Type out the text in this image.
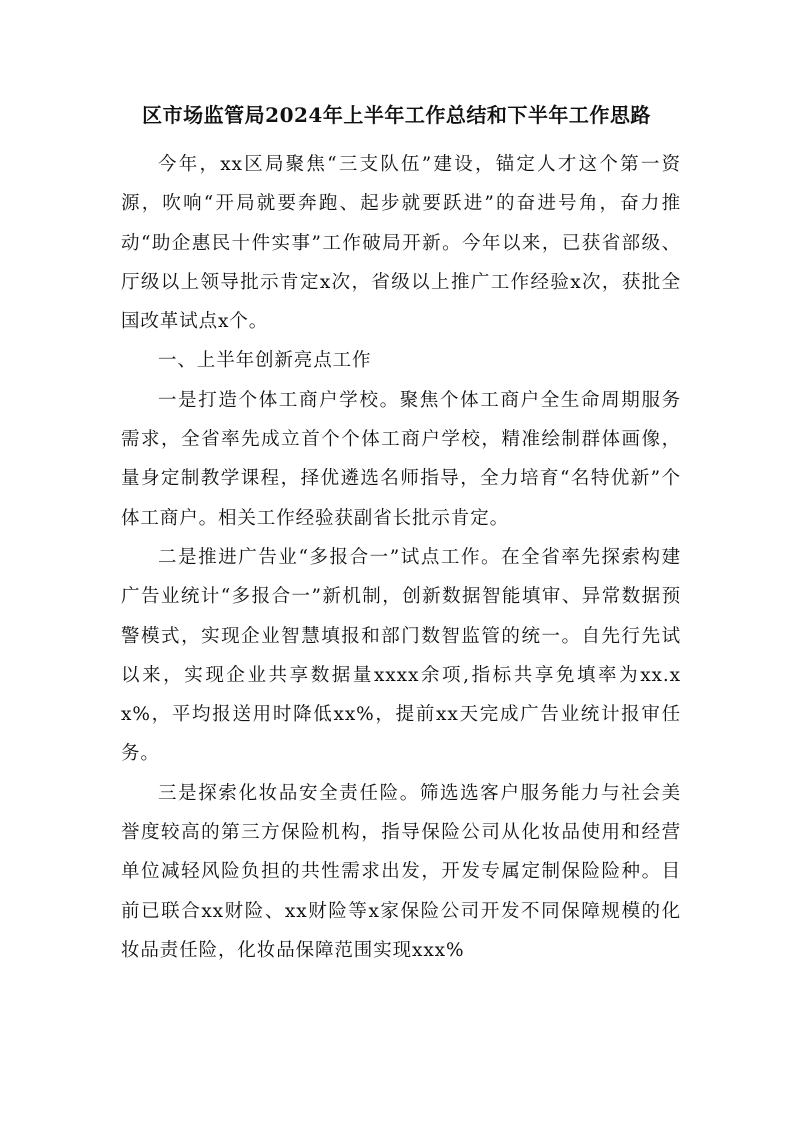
区市场监管局2024年上半年工作总结和下半年工作思路

今年，xx区局聚焦“三支队伍”建设，锚定人才这个第一资源，吹响“开局就要奔跑、起步就要跃进”的奋进号角，奋力推动“助企惠民十件实事”工作破局开新。今年以来，已获省部级、厅级以上领导批示肯定x次，省级以上推广工作经验x次，获批全国改革试点x个。

一、上半年创新亮点工作

一是打造个体工商户学校。聚焦个体工商户全生命周期服务需求，全省率先成立首个个体工商户学校，精准绘制群体画像，量身定制教学课程，择优遴选名师指导，全力培育“名特优新”个体工商户。相关工作经验获副省长批示肯定。

二是推进广告业“多报合一”试点工作。在全省率先探索构建广告业统计“多报合一”新机制，创新数据智能填审、异常数据预警模式，实现企业智慧填报和部门数智监管的统一。自先行先试以来，实现企业共享数据量xxxx余项,指标共享免填率为xx.xx%，平均报送用时降低xx%，提前xx天完成广告业统计报审任务。

三是探索化妆品安全责任险。筛选选客户服务能力与社会美誉度较高的第三方保险机构，指导保险公司从化妆品使用和经营单位减轻风险负担的共性需求出发，开发专属定制保险险种。目前已联合xx财险、xx财险等x家保险公司开发不同保障规模的化妆品责任险，化妆品保障范围实现xxx%
